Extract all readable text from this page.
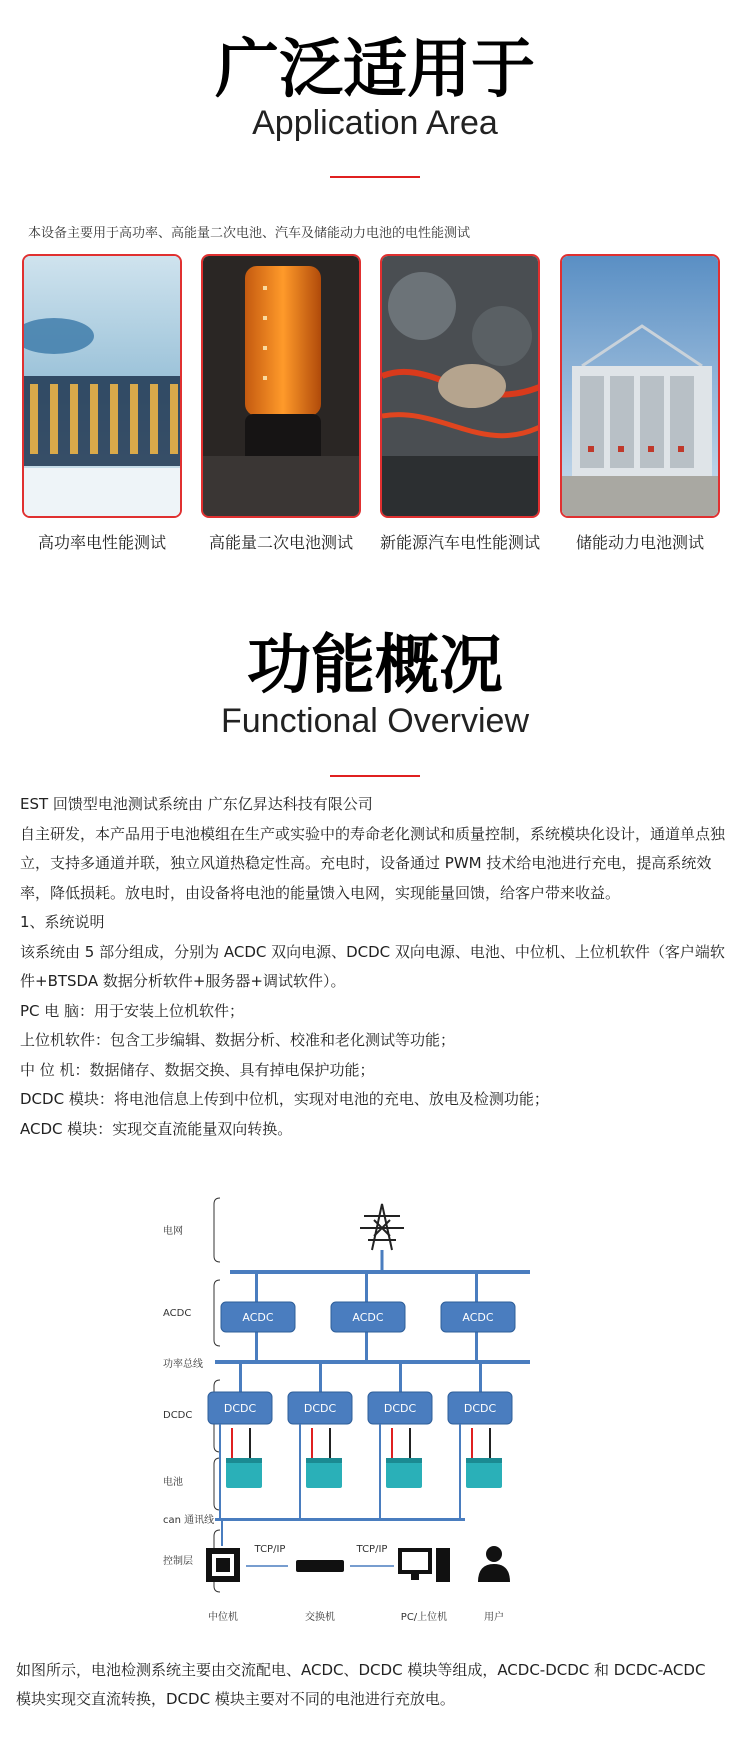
广泛适用于
Application Area
本设备主要用于高功率、高能量二次电池、汽车及储能动力电池的电性能测试
高功率电性能测试	高能量二次电池测试	新能源汽车电性能测试	储能动力电池测试
功能概况
Functional Overview

EST 回馈型电池测试系统由 广东亿昇达科技有限公司

自主研发，本产品用于电池模组在生产或实验中的寿命老化测试和质量控制，系统模块化设计，通道单点独立，支持多通道并联，独立风道热稳定性高。充电时，设备通过 PWM 技术给电池进行充电，提高系统效率，降低损耗。放电时，由设备将电池的能量馈入电网，实现能量回馈，给客户带来收益。

1、系统说明

该系统由 5 部分组成，分别为 ACDC 双向电源、DCDC 双向电源、电池、中位机、上位机软件（客户端软件+BTSDA 数据分析软件+服务器+调试软件）。

PC 电 脑：用于安装上位机软件；

上位机软件：包含工步编辑、数据分析、校准和老化测试等功能；

中 位 机：数据储存、数据交换、具有掉电保护功能；

DCDC 模块：将电池信息上传到中位机，实现对电池的充电、放电及检测功能；

ACDC 模块：实现交直流能量双向转换。

电网
ACDC
功率总线
DCDC
电池
can 通讯线
控制层
ACDC	ACDC	ACDC
DCDC	DCDC	DCDC	DCDC
TCP/IP	TCP/IP
中位机	交换机	PC/上位机	用户

如图所示，电池检测系统主要由交流配电、ACDC、DCDC 模块等组成，ACDC-DCDC 和 DCDC-ACDC

模块实现交直流转换，DCDC 模块主要对不同的电池进行充放电。
